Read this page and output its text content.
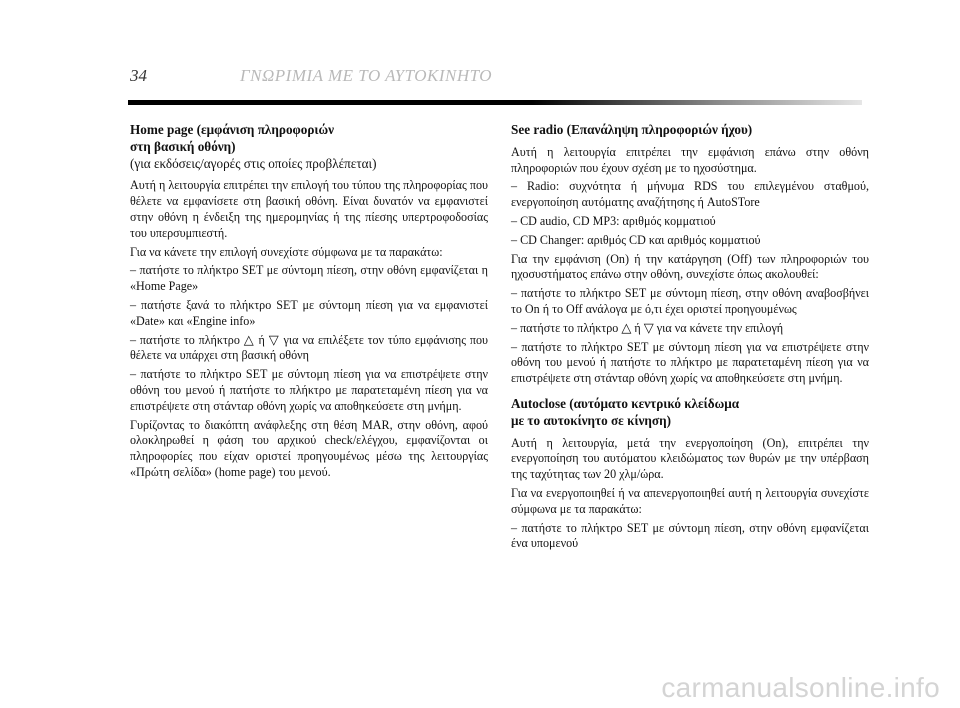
34	ΓΝΩΡΙΜΙΑ ΜΕ ΤΟ ΑΥΤΟΚΙΝΗΤΟ
Home page (εμφάνιση πληροφοριών
στη βασική οθόνη)
(για εκδόσεις/αγορές στις οποίες προβλέπεται)

Αυτή η λειτουργία επιτρέπει την επιλογή του τύπου της πληροφορίας που θέλετε να εμφανίσετε στη βασική οθόνη. Είναι δυνατόν να εμφανιστεί στην οθόνη η ένδειξη της ημερομηνίας ή της πίεσης υπερτροφοδοσίας του υπερσυμπιεστή.

Για να κάνετε την επιλογή συνεχίστε σύμφωνα με τα παρακάτω:

– πατήστε το πλήκτρο SET με σύντομη πίεση, στην οθόνη εμφανίζεται η «Home Page»

– πατήστε ξανά το πλήκτρο SET με σύντομη πίεση για να εμφανιστεί «Date» και «Engine info»

– πατήστε το πλήκτρο △ ή ▽ για να επιλέξετε τον τύπο εμφάνισης που θέλετε να υπάρχει στη βασική οθόνη

– πατήστε το πλήκτρο SET με σύντομη πίεση για να επιστρέψετε στην οθόνη του μενού ή πατήστε το πλήκτρο με παρατεταμένη πίεση για να επιστρέψετε στη στάνταρ οθόνη χωρίς να αποθηκεύσετε στη μνήμη.

Γυρίζοντας το διακόπτη ανάφλεξης στη θέση MAR, στην οθόνη, αφού ολοκληρωθεί η φάση του αρχικού check/ελέγχου, εμφανίζονται οι πληροφορίες που είχαν οριστεί προηγουμένως μέσω της λειτουργίας «Πρώτη σελίδα» (home page) του μενού.

See radio (Επανάληψη πληροφοριών ήχου)

Αυτή η λειτουργία επιτρέπει την εμφάνιση επάνω στην οθόνη πληροφοριών που έχουν σχέση με το ηχοσύστημα.

– Radio: συχνότητα ή μήνυμα RDS του επιλεγμένου σταθμού, ενεργοποίηση αυτόματης αναζήτησης ή AutoSTore

– CD audio, CD MP3: αριθμός κομματιού

– CD Changer: αριθμός CD και αριθμός κομματιού

Για την εμφάνιση (On) ή την κατάργηση (Off) των πληροφοριών του ηχοσυστήματος επάνω στην οθόνη, συνεχίστε όπως ακολουθεί:

– πατήστε το πλήκτρο SET με σύντομη πίεση, στην οθόνη αναβοσβήνει το On ή το Off ανάλογα με ό,τι έχει οριστεί προηγουμένως

– πατήστε το πλήκτρο △ ή ▽ για να κάνετε την επιλογή

– πατήστε το πλήκτρο SET με σύντομη πίεση για να επιστρέψετε στην οθόνη του μενού ή πατήστε το πλήκτρο με παρατεταμένη πίεση για να επιστρέψετε στη στάνταρ οθόνη χωρίς να αποθηκεύσετε στη μνήμη.

Autoclose (αυτόματο κεντρικό κλείδωμα
με το αυτοκίνητο σε κίνηση)

Αυτή η λειτουργία, μετά την ενεργοποίηση (On), επιτρέπει την ενεργοποίηση του αυτόματου κλειδώματος των θυρών με την υπέρβαση της ταχύτητας των 20 χλμ/ώρα.

Για να ενεργοποιηθεί ή να απενεργοποιηθεί αυτή η λειτουργία συνεχίστε σύμφωνα με τα παρακάτω:

– πατήστε το πλήκτρο SET με σύντομη πίεση, στην οθόνη εμφανίζεται ένα υπομενού

carmanualsonline.info
